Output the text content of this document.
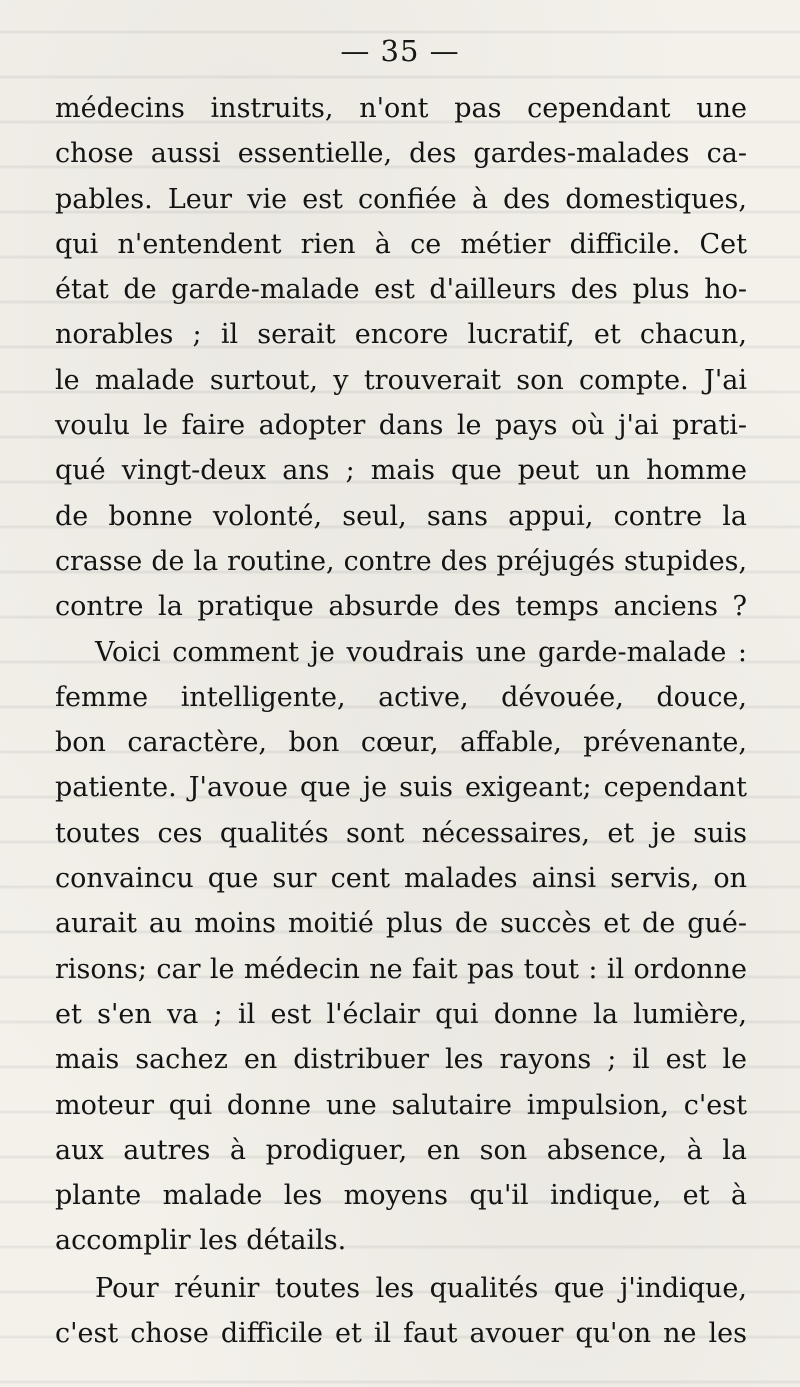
— 35 —
médecins instruits, n'ont pas cependant une
chose aussi essentielle, des gardes-malades ca-
pables. Leur vie est confiée à des domestiques,
qui n'entendent rien à ce métier difficile. Cet
état de garde-malade est d'ailleurs des plus ho-
norables ; il serait encore lucratif, et chacun,
le malade surtout, y trouverait son compte. J'ai
voulu le faire adopter dans le pays où j'ai prati-
qué vingt-deux ans ; mais que peut un homme
de bonne volonté, seul, sans appui, contre la
crasse de la routine, contre des préjugés stupides,
contre la pratique absurde des temps anciens ?
Voici comment je voudrais une garde-malade :
femme intelligente, active, dévouée, douce,
bon caractère, bon cœur, affable, prévenante,
patiente. J'avoue que je suis exigeant; cependant
toutes ces qualités sont nécessaires, et je suis
convaincu que sur cent malades ainsi servis, on
aurait au moins moitié plus de succès et de gué-
risons; car le médecin ne fait pas tout : il ordonne
et s'en va ; il est l'éclair qui donne la lumière,
mais sachez en distribuer les rayons ; il est le
moteur qui donne une salutaire impulsion, c'est
aux autres à prodiguer, en son absence, à la
plante malade les moyens qu'il indique, et à
accomplir les détails.
Pour réunir toutes les qualités que j'indique,
c'est chose difficile et il faut avouer qu'on ne les
